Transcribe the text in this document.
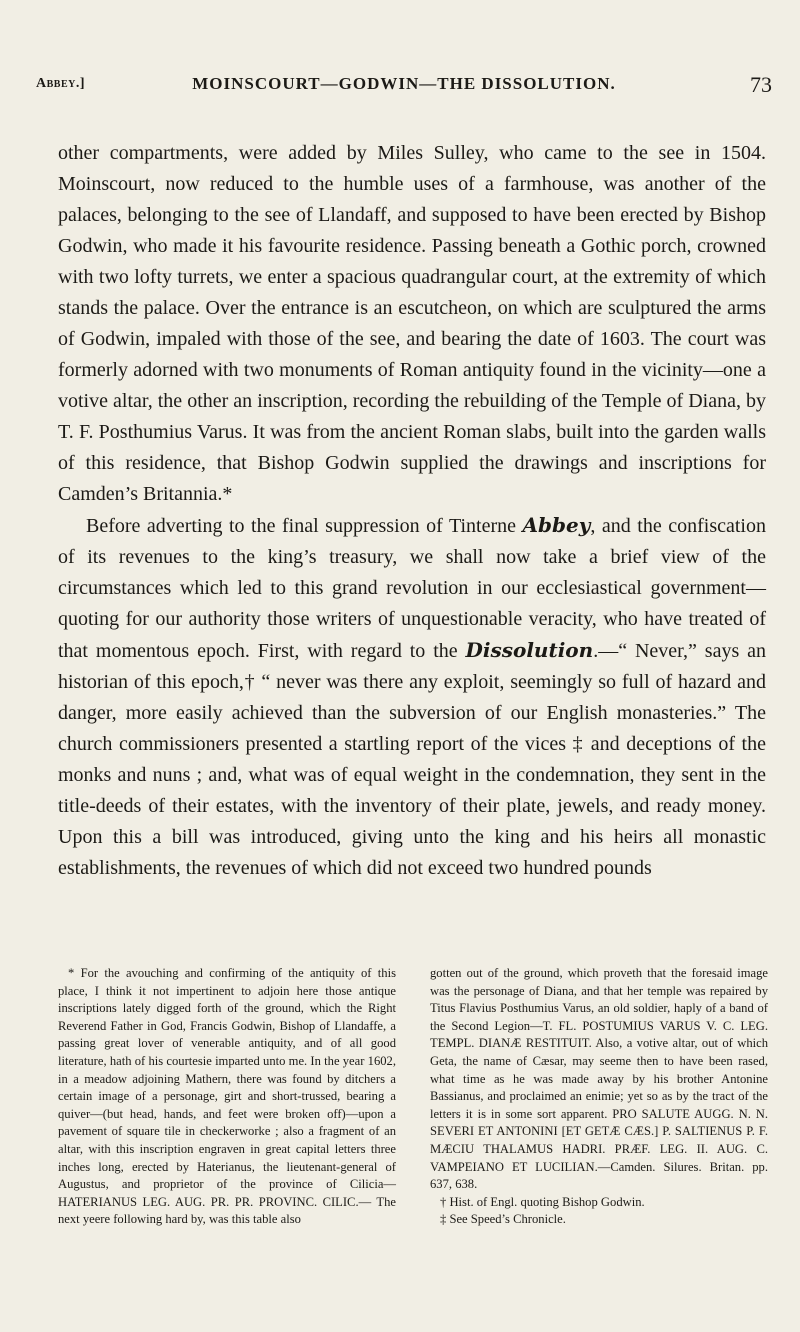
Abbey.]	MOINSCOURT—GODWIN—THE DISSOLUTION.	73

other compartments, were added by Miles Sulley, who came to the see in 1504. Moinscourt, now reduced to the humble uses of a farmhouse, was another of the palaces, belonging to the see of Llandaff, and supposed to have been erected by Bishop Godwin, who made it his favourite residence. Passing beneath a Gothic porch, crowned with two lofty turrets, we enter a spacious quadrangular court, at the extremity of which stands the palace. Over the entrance is an escutcheon, on which are sculptured the arms of Godwin, impaled with those of the see, and bearing the date of 1603. The court was formerly adorned with two monuments of Roman antiquity found in the vicinity—one a votive altar, the other an inscription, recording the rebuilding of the Temple of Diana, by T. F. Posthumius Varus. It was from the ancient Roman slabs, built into the garden walls of this residence, that Bishop Godwin supplied the drawings and inscriptions for Camden’s Britannia.*

Before adverting to the final suppression of Tinterne Abbey, and the confiscation of its revenues to the king’s treasury, we shall now take a brief view of the circumstances which led to this grand revolution in our ecclesiastical government—quoting for our authority those writers of unquestionable veracity, who have treated of that momentous epoch. First, with regard to the Dissolution.—“ Never,” says an historian of this epoch,† “ never was there any exploit, seemingly so full of hazard and danger, more easily achieved than the subversion of our English monasteries.” The church commissioners presented a startling report of the vices ‡ and deceptions of the monks and nuns ; and, what was of equal weight in the condemnation, they sent in the title-deeds of their estates, with the inventory of their plate, jewels, and ready money. Upon this a bill was introduced, giving unto the king and his heirs all monastic establishments, the revenues of which did not exceed two hundred pounds

* For the avouching and confirming of the antiquity of this place, I think it not impertinent to adjoin here those antique inscriptions lately digged forth of the ground, which the Right Reverend Father in God, Francis Godwin, Bishop of Llandaffe, a passing great lover of venerable antiquity, and of all good literature, hath of his courtesie imparted unto me. In the year 1602, in a meadow adjoining Mathern, there was found by ditchers a certain image of a personage, girt and short-trussed, bearing a quiver—(but head, hands, and feet were broken off)—upon a pavement of square tile in checkerworke ; also a fragment of an altar, with this inscription engraven in great capital letters three inches long, erected by Haterianus, the lieutenant-general of Augustus, and proprietor of the province of Cilicia—HATERIANUS LEG. AUG. PR. PR. PROVINC. CILIC.— The next yeere following hard by, was this table also

gotten out of the ground, which proveth that the foresaid image was the personage of Diana, and that her temple was repaired by Titus Flavius Posthumius Varus, an old soldier, haply of a band of the Second Legion—T. FL. POSTUMIUS VARUS V. C. LEG. TEMPL. DIANÆ RESTITUIT. Also, a votive altar, out of which Geta, the name of Cæsar, may seeme then to have been rased, what time as he was made away by his brother Antonine Bassianus, and proclaimed an enimie; yet so as by the tract of the letters it is in some sort apparent. PRO SALUTE AUGG. N. N. SEVERI ET ANTONINI [ET GETÆ CÆS.] P. SALTIENUS P. F. MÆCIU THALAMUS HADRI. PRÆF. LEG. II. AUG. C. VAMPEIANO ET LUCILIAN.—Camden. Silures. Britan. pp. 637, 638.

† Hist. of Engl. quoting Bishop Godwin.

‡ See Speed’s Chronicle.
